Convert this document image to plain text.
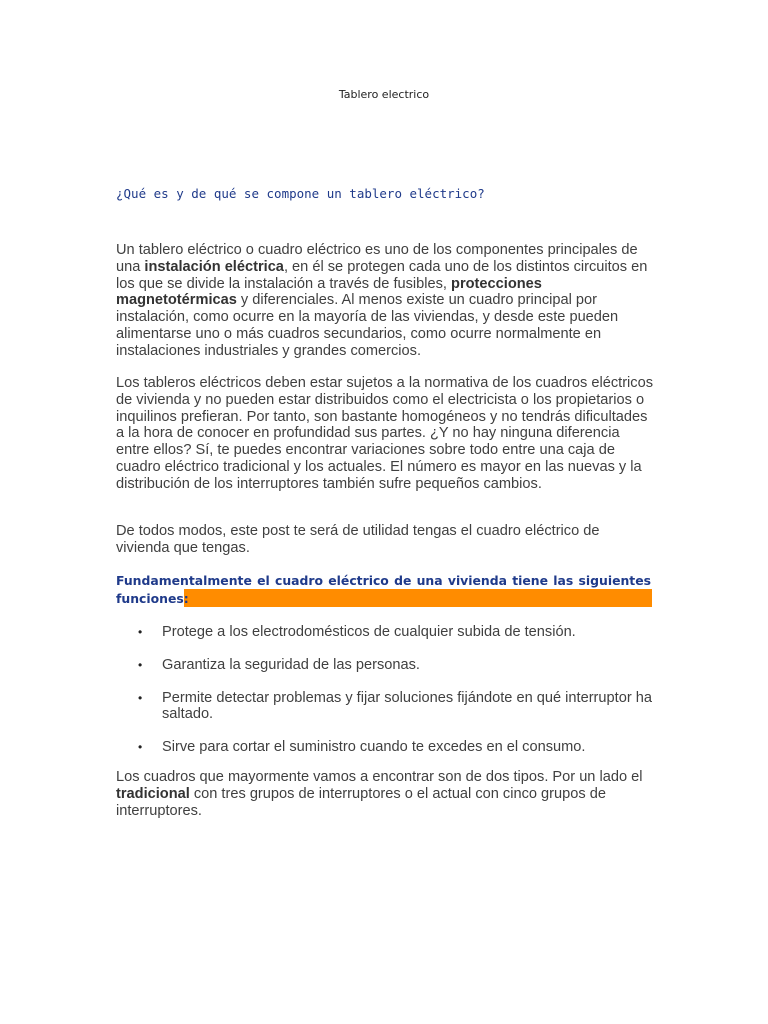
Tablero electrico
¿Qué es y de qué se compone un tablero eléctrico?

Un tablero eléctrico o cuadro eléctrico es uno de los componentes principales de una instalación eléctrica, en él se protegen cada uno de los distintos circuitos en los que se divide la instalación a través de fusibles, protecciones magnetotérmicas y diferenciales. Al menos existe un cuadro principal por instalación, como ocurre en la mayoría de las viviendas, y desde este pueden alimentarse uno o más cuadros secundarios, como ocurre normalmente en instalaciones industriales y grandes comercios.

Los tableros eléctricos deben estar sujetos a la normativa de los cuadros eléctricos de vivienda y no pueden estar distribuidos como el electricista o los propietarios o inquilinos prefieran. Por tanto, son bastante homogéneos y no tendrás dificultades a la hora de conocer en profundidad sus partes. ¿Y no hay ninguna diferencia entre ellos? Sí, te puedes encontrar variaciones sobre todo entre una caja de cuadro eléctrico tradicional y los actuales. El número es mayor en las nuevas y la distribución de los interruptores también sufre pequeños cambios.

De todos modos, este post te será de utilidad tengas el cuadro eléctrico de vivienda que tengas.

Fundamentalmente el cuadro eléctrico de una vivienda tiene las siguientes funciones:
• Protege a los electrodomésticos de cualquier subida de tensión.
• Garantiza la seguridad de las personas.
• Permite detectar problemas y fijar soluciones fijándote en qué interruptor ha saltado.
• Sirve para cortar el suministro cuando te excedes en el consumo.

Los cuadros que mayormente vamos a encontrar son de dos tipos. Por un lado el tradicional con tres grupos de interruptores o el actual con cinco grupos de interruptores.
